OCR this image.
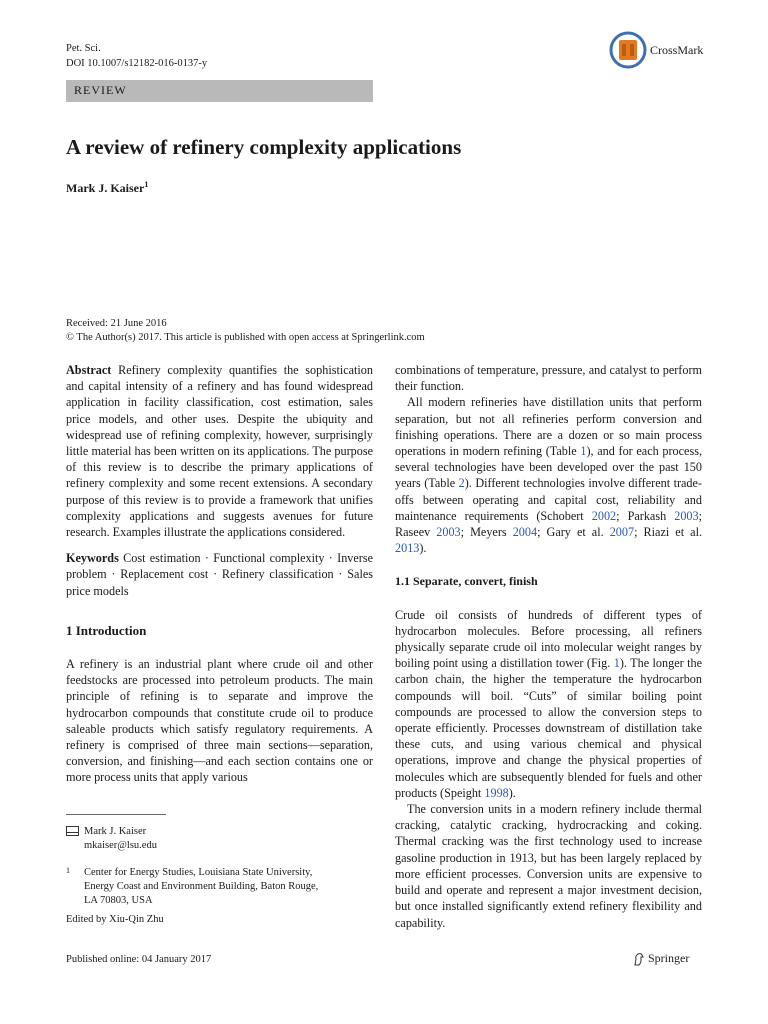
Pet. Sci.
DOI 10.1007/s12182-016-0137-y
REVIEW
CrossMark
A review of refinery complexity applications
Mark J. Kaiser$^1$
Received: 21 June 2016
© The Author(s) 2017. This article is published with open access at Springerlink.com

Abstract Refinery complexity quantifies the sophistication and capital intensity of a refinery and has found widespread application in facility classification, cost estimation, sales price models, and other uses. Despite the ubiquity and widespread use of refining complexity, however, surprisingly little material has been written on its applications. The purpose of this review is to describe the primary applications of refinery complexity and some recent extensions. A secondary purpose of this review is to provide a framework that unifies complexity applications and suggests avenues for future research. Examples illustrate the applications considered.

Keywords Cost estimation · Functional complexity · Inverse problem · Replacement cost · Refinery classification · Sales price models

1 Introduction

A refinery is an industrial plant where crude oil and other feedstocks are processed into petroleum products. The main principle of refining is to separate and improve the hydrocarbon compounds that constitute crude oil to produce saleable products which satisfy regulatory requirements. A refinery is comprised of three main sections—separation, conversion, and finishing—and each section contains one or more process units that apply various

combinations of temperature, pressure, and catalyst to perform their function.

All modern refineries have distillation units that perform separation, but not all refineries perform conversion and finishing operations. There are a dozen or so main process operations in modern refining (Table 1), and for each process, several technologies have been developed over the past 150 years (Table 2). Different technologies involve different trade-offs between operating and capital cost, reliability and maintenance requirements (Schobert 2002; Parkash 2003; Raseev 2003; Meyers 2004; Gary et al. 2007; Riazi et al. 2013).

1.1 Separate, convert, finish

Crude oil consists of hundreds of different types of hydrocarbon molecules. Before processing, all refiners physically separate crude oil into molecular weight ranges by boiling point using a distillation tower (Fig. 1). The longer the carbon chain, the higher the temperature the hydrocarbon compounds will boil. “Cuts” of similar boiling point compounds are processed to allow the conversion steps to operate efficiently. Processes downstream of distillation take these cuts, and using various chemical and physical operations, improve and change the physical properties of molecules which are subsequently blended for fuels and other products (Speight 1998).

The conversion units in a modern refinery include thermal cracking, catalytic cracking, hydrocracking and coking. Thermal cracking was the first technology used to increase gasoline production in 1913, but has been largely replaced by more efficient processes. Conversion units are expensive to build and operate and represent a major investment decision, but once installed significantly extend refinery flexibility and capability.

Mark J. Kaiser
mkaiser@lsu.edu
1 Center for Energy Studies, Louisiana State University,
Energy Coast and Environment Building, Baton Rouge,
LA 70803, USA
Edited by Xiu-Qin Zhu
Published online: 04 January 2017	Springer
